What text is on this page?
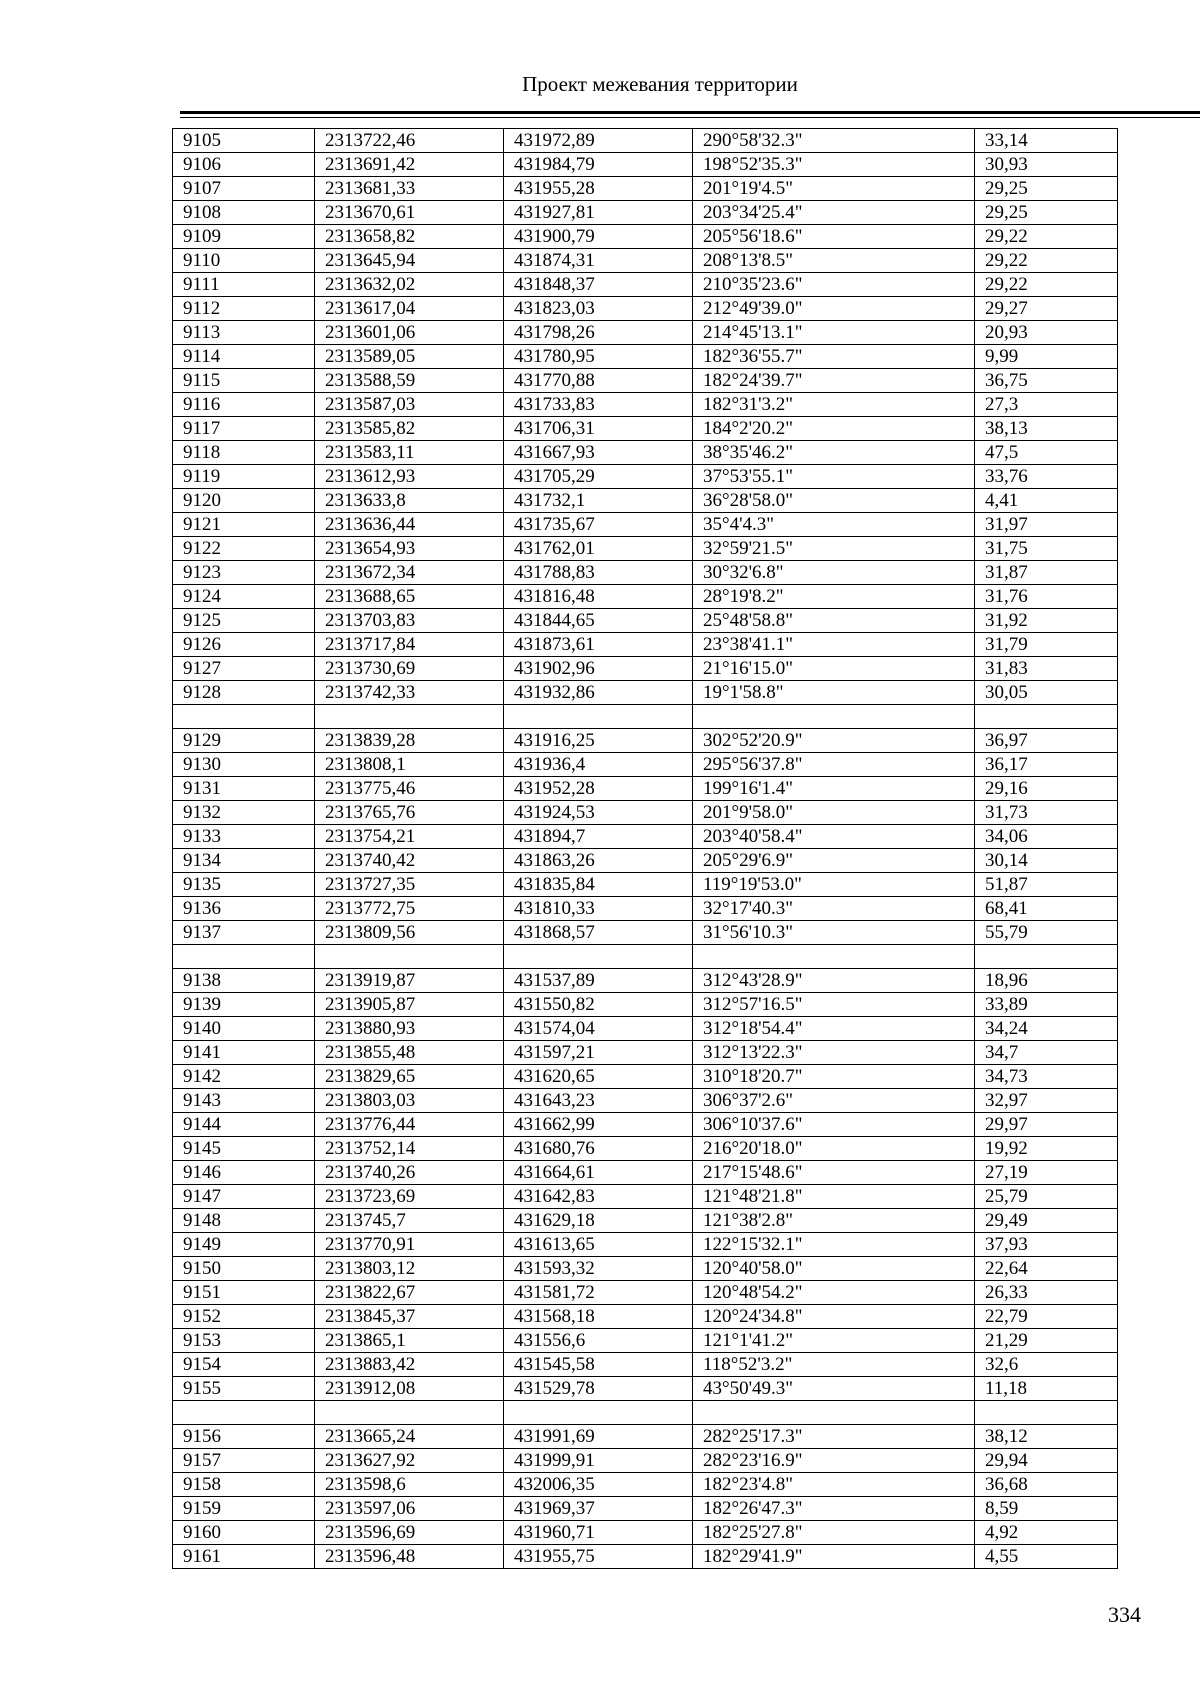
Проект межевания территории
9105	2313722,46	431972,89	290°58'32.3"	33,14
9106	2313691,42	431984,79	198°52'35.3"	30,93
9107	2313681,33	431955,28	201°19'4.5"	29,25
9108	2313670,61	431927,81	203°34'25.4"	29,25
9109	2313658,82	431900,79	205°56'18.6"	29,22
9110	2313645,94	431874,31	208°13'8.5"	29,22
9111	2313632,02	431848,37	210°35'23.6"	29,22
9112	2313617,04	431823,03	212°49'39.0"	29,27
9113	2313601,06	431798,26	214°45'13.1"	20,93
9114	2313589,05	431780,95	182°36'55.7"	9,99
9115	2313588,59	431770,88	182°24'39.7"	36,75
9116	2313587,03	431733,83	182°31'3.2"	27,3
9117	2313585,82	431706,31	184°2'20.2"	38,13
9118	2313583,11	431667,93	38°35'46.2"	47,5
9119	2313612,93	431705,29	37°53'55.1"	33,76
9120	2313633,8	431732,1	36°28'58.0"	4,41
9121	2313636,44	431735,67	35°4'4.3"	31,97
9122	2313654,93	431762,01	32°59'21.5"	31,75
9123	2313672,34	431788,83	30°32'6.8"	31,87
9124	2313688,65	431816,48	28°19'8.2"	31,76
9125	2313703,83	431844,65	25°48'58.8"	31,92
9126	2313717,84	431873,61	23°38'41.1"	31,79
9127	2313730,69	431902,96	21°16'15.0"	31,83
9128	2313742,33	431932,86	19°1'58.8"	30,05

9129	2313839,28	431916,25	302°52'20.9"	36,97
9130	2313808,1	431936,4	295°56'37.8"	36,17
9131	2313775,46	431952,28	199°16'1.4"	29,16
9132	2313765,76	431924,53	201°9'58.0"	31,73
9133	2313754,21	431894,7	203°40'58.4"	34,06
9134	2313740,42	431863,26	205°29'6.9"	30,14
9135	2313727,35	431835,84	119°19'53.0"	51,87
9136	2313772,75	431810,33	32°17'40.3"	68,41
9137	2313809,56	431868,57	31°56'10.3"	55,79

9138	2313919,87	431537,89	312°43'28.9"	18,96
9139	2313905,87	431550,82	312°57'16.5"	33,89
9140	2313880,93	431574,04	312°18'54.4"	34,24
9141	2313855,48	431597,21	312°13'22.3"	34,7
9142	2313829,65	431620,65	310°18'20.7"	34,73
9143	2313803,03	431643,23	306°37'2.6"	32,97
9144	2313776,44	431662,99	306°10'37.6"	29,97
9145	2313752,14	431680,76	216°20'18.0"	19,92
9146	2313740,26	431664,61	217°15'48.6"	27,19
9147	2313723,69	431642,83	121°48'21.8"	25,79
9148	2313745,7	431629,18	121°38'2.8"	29,49
9149	2313770,91	431613,65	122°15'32.1"	37,93
9150	2313803,12	431593,32	120°40'58.0"	22,64
9151	2313822,67	431581,72	120°48'54.2"	26,33
9152	2313845,37	431568,18	120°24'34.8"	22,79
9153	2313865,1	431556,6	121°1'41.2"	21,29
9154	2313883,42	431545,58	118°52'3.2"	32,6
9155	2313912,08	431529,78	43°50'49.3"	11,18

9156	2313665,24	431991,69	282°25'17.3"	38,12
9157	2313627,92	431999,91	282°23'16.9"	29,94
9158	2313598,6	432006,35	182°23'4.8"	36,68
9159	2313597,06	431969,37	182°26'47.3"	8,59
9160	2313596,69	431960,71	182°25'27.8"	4,92
9161	2313596,48	431955,75	182°29'41.9"	4,55
334
